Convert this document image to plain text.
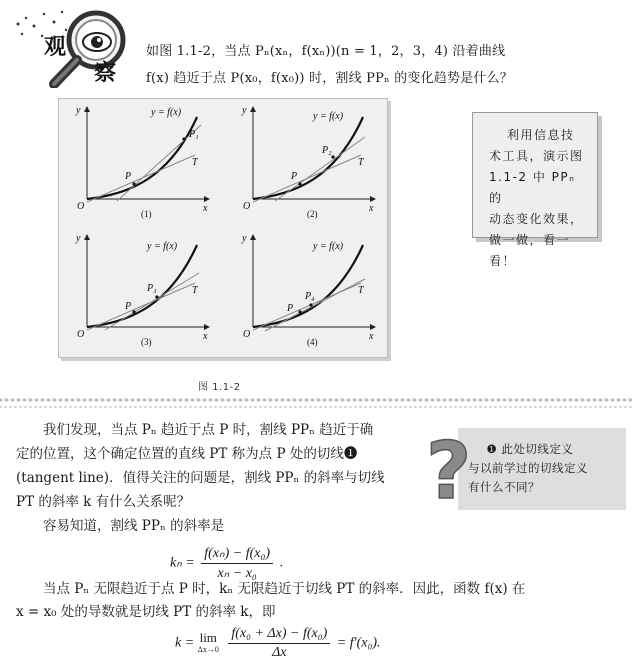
观
察
如图 1.1-2，当点 Pₙ(xₙ，f(xₙ))(n = 1，2，3，4) 沿着曲线
f(x) 趋近于点 P(x₀，f(x₀)) 时，割线 PPₙ 的变化趋势是什么？
y = f(x)
P₁
P
T
O	x
y
(1)
y = f(x)
P₂
P
T
O	x
y
(2)
y = f(x)
P₃
P
T
O	x
y
(3)
y = f(x)
P₄
P
T
O	x
y
(4)
利用信息技
术工具，演示图
1.1-2 中 PPₙ 的
动态变化效果，
做一做，看一看！
图 1.1-2

我们发现，当点 Pₙ 趋近于点 P 时，割线 PPₙ 趋近于确

定的位置，这个确定位置的直线 PT 称为点 P 处的切线❶

(tangent line)．值得关注的问题是，割线 PPₙ 的斜率与切线

PT 的斜率 k 有什么关系呢？

容易知道，割线 PPₙ 的斜率是

?	❶ 此处切线定义
与以前学过的切线定义
有什么不同？
$k_n = \frac{\text{f(xₙ) − f(x₀)}}{\text{xₙ − x₀}}$ .

当点 Pₙ 无限趋近于点 P 时，kₙ 无限趋近于切线 PT 的斜率．因此，函数 f(x) 在

x = x₀ 处的导数就是切线 PT 的斜率 k，即

k = lim
Δx→0
$\frac{\text{f(x₀ + Δx) − f(x₀)}}{\Delta x} = f'(x_0)$.
